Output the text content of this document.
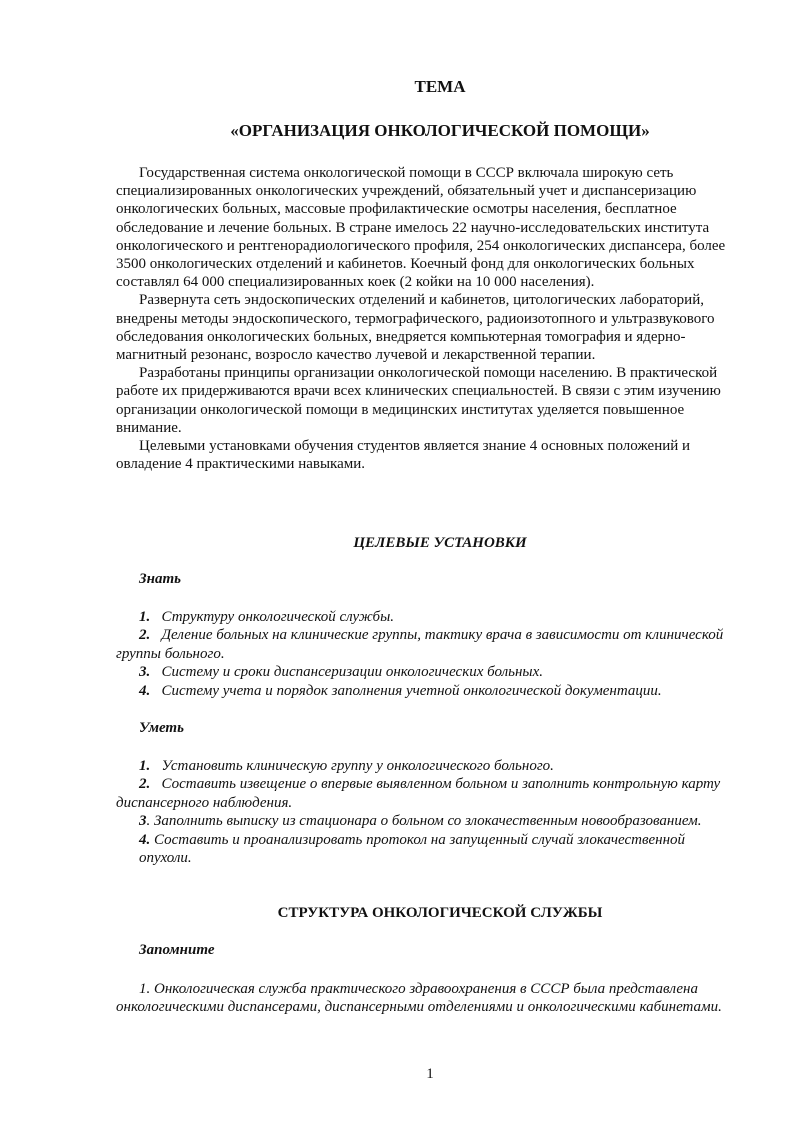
ТЕМА
«ОРГАНИЗАЦИЯ ОНКОЛОГИЧЕСКОЙ ПОМОЩИ»

Государственная система онкологической помощи в СССР включала широкую сеть специализированных онкологических учреждений, обязательный учет и диспансеризацию онкологических больных, массовые профилактические осмотры населения, бесплатное обследование и лечение больных. В стране имелось 22 научно-исследовательских института онкологического и рентгенорадиологического профиля, 254 онкологических диспансера, более 3500 онкологических отделений и кабинетов. Коечный фонд для онкологических больных составлял 64 000 специализированных коек (2 койки на 10 000 населения).

Развернута сеть эндоскопических отделений и кабинетов, цитологических лабораторий, внедрены методы эндоскопического, термографического, радиоизотопного и ультразвукового обследования онкологических больных, внедряется компьютерная томография и ядерно-магнитный резонанс, возросло качество лучевой и лекарственной терапии.

Разработаны принципы организации онкологической помощи населению. В практической работе их придерживаются врачи всех клинических специальностей. В связи с этим изучению организации онкологической помощи в медицинских институтах уделяется повышенное внимание.

Целевыми установками обучения студентов является знание 4 основных положений и овладение 4 практическими навыками.

ЦЕЛЕВЫЕ УСТАНОВКИ
Знать
1. Структуру онкологической службы.
2. Деление больных на клинические группы, тактику врача в зависимости от клинической группы больного.
3. Систему и сроки диспансеризации онкологических больных.
4. Систему учета и порядок заполнения учетной онкологической документации.
Уметь
1. Установить клиническую группу у онкологического больного.
2. Составить извещение о впервые выявленном больном и заполнить контрольную карту диспансерного наблюдения.
3. Заполнить выписку из стационара о больном со злокачественным новообразованием.
4. Составить и проанализировать протокол на запущенный случай злокачественной опухоли.
СТРУКТУРА ОНКОЛОГИЧЕСКОЙ СЛУЖБЫ
Запомните
1. Онкологическая служба практического здравоохранения в СССР была представлена онкологическими диспансерами, диспансерными отделениями и онкологическими кабинетами.
1
